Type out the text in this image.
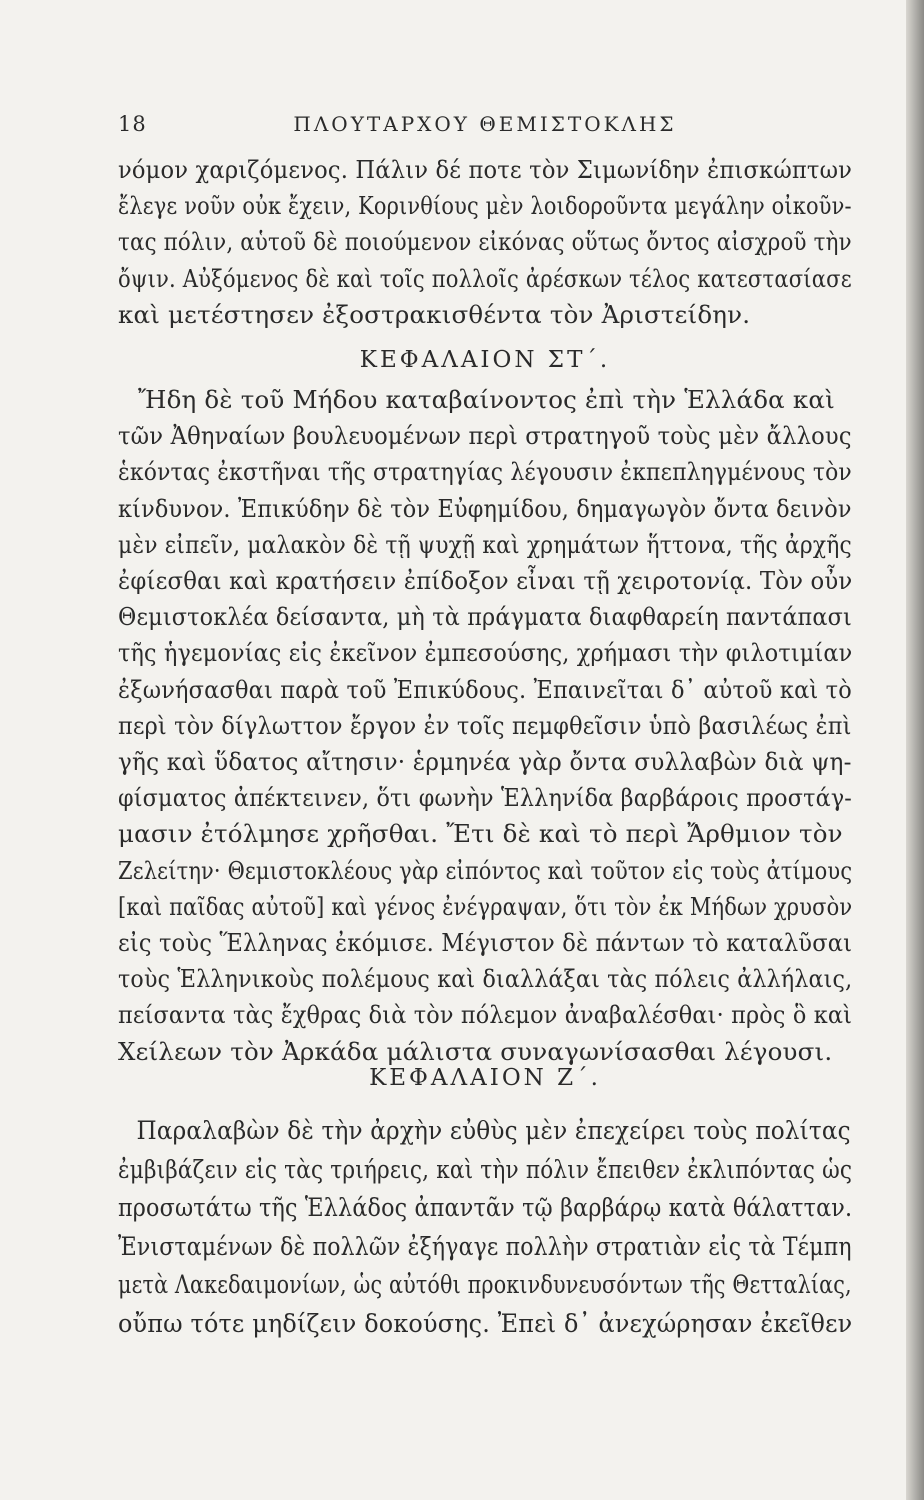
18	ΠΛΟΥΤΑΡΧΟΥ ΘΕΜΙΣΤΟΚΛΗΣ
νόμον χαριζόμενος. Πάλιν δέ ποτε τὸν Σιμωνίδην ἐπισκώπτων
ἔλεγε νοῦν οὐκ ἔχειν, Κορινθίους μὲν λοιδοροῦντα μεγάλην οἰκοῦν-
τας πόλιν, αὑτοῦ δὲ ποιούμενον εἰκόνας οὕτως ὄντος αἰσχροῦ τὴν
ὄψιν. Αὐξόμενος δὲ καὶ τοῖς πολλοῖς ἀρέσκων τέλος κατεστασίασε
καὶ μετέστησεν ἐξοστρακισθέντα τὸν Ἀριστείδην.
ΚΕΦΑΛΑΙΟΝ ΣΤ΄.
Ἤδη δὲ τοῦ Μήδου καταβαίνοντος ἐπὶ τὴν Ἑλλάδα καὶ
τῶν Ἀθηναίων βουλευομένων περὶ στρατηγοῦ τοὺς μὲν ἄλλους
ἑκόντας ἐκστῆναι τῆς στρατηγίας λέγουσιν ἐκπεπληγμένους τὸν
κίνδυνον. Ἐπικύδην δὲ τὸν Εὐφημίδου, δημαγωγὸν ὄντα δεινὸν
μὲν εἰπεῖν, μαλακὸν δὲ τῇ ψυχῇ καὶ χρημάτων ἥττονα, τῆς ἀρχῆς
ἐφίεσθαι καὶ κρατήσειν ἐπίδοξον εἶναι τῇ χειροτονίᾳ. Τὸν οὖν
Θεμιστοκλέα δείσαντα, μὴ τὰ πράγματα διαφθαρείη παντάπασι
τῆς ἡγεμονίας εἰς ἐκεῖνον ἐμπεσούσης, χρήμασι τὴν φιλοτιμίαν
ἐξωνήσασθαι παρὰ τοῦ Ἐπικύδους. Ἐπαινεῖται δ᾽ αὐτοῦ καὶ τὸ
περὶ τὸν δίγλωττον ἔργον ἐν τοῖς πεμφθεῖσιν ὑπὸ βασιλέως ἐπὶ
γῆς καὶ ὕδατος αἴτησιν· ἑρμηνέα γὰρ ὄντα συλλαβὼν διὰ ψη-
φίσματος ἀπέκτεινεν, ὅτι φωνὴν Ἑλληνίδα βαρβάροις προστάγ-
μασιν ἐτόλμησε χρῆσθαι. Ἔτι δὲ καὶ τὸ περὶ Ἄρθμιον τὸν
Ζελείτην· Θεμιστοκλέους γὰρ εἰπόντος καὶ τοῦτον εἰς τοὺς ἀτίμους
[καὶ παῖδας αὐτοῦ] καὶ γένος ἐνέγραψαν, ὅτι τὸν ἐκ Μήδων χρυσὸν
εἰς τοὺς Ἕλληνας ἐκόμισε. Μέγιστον δὲ πάντων τὸ καταλῦσαι
τοὺς Ἑλληνικοὺς πολέμους καὶ διαλλάξαι τὰς πόλεις ἀλλήλαις,
πείσαντα τὰς ἔχθρας διὰ τὸν πόλεμον ἀναβαλέσθαι· πρὸς ὃ καὶ
Χείλεων τὸν Ἀρκάδα μάλιστα συναγωνίσασθαι λέγουσι.
ΚΕΦΑΛΑΙΟΝ Ζ΄.
Παραλαβὼν δὲ τὴν ἀρχὴν εὐθὺς μὲν ἐπεχείρει τοὺς πολίτας
ἐμβιβάζειν εἰς τὰς τριήρεις, καὶ τὴν πόλιν ἔπειθεν ἐκλιπόντας ὡς
προσωτάτω τῆς Ἑλλάδος ἀπαντᾶν τῷ βαρβάρῳ κατὰ θάλατταν.
Ἐνισταμένων δὲ πολλῶν ἐξήγαγε πολλὴν στρατιὰν εἰς τὰ Τέμπη
μετὰ Λακεδαιμονίων, ὡς αὐτόθι προκινδυνευσόντων τῆς Θετταλίας,
οὔπω τότε μηδίζειν δοκούσης. Ἐπεὶ δ᾽ ἀνεχώρησαν ἐκεῖθεν
